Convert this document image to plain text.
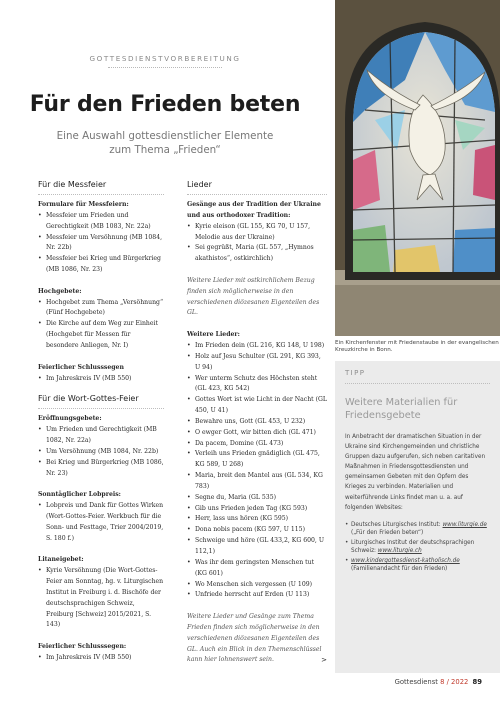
GOTTESDIENSTVORBEREITUNG
Für den Frieden beten
Eine Auswahl gottesdienstlicher Elemente
zum Thema „Frieden“
Für die Messfeier
Formulare für Messfeiern:
• Messfeier um Frieden und Gerechtigkeit (MB 1083, Nr. 22a)
• Messfeier um Versöhnung (MB 1084, Nr. 22b)
• Messfeier bei Krieg und Bürgerkrieg (MB 1086, Nr. 23)
Hochgebete:
• Hochgebet zum Thema „Versöhnung“ (Fünf Hochgebete)
• Die Kirche auf dem Weg zur Einheit (Hochgebet für Messen für besondere Anliegen, Nr. I)
Feierlicher Schlusssegen
• Im Jahreskreis IV (MB 550)
Für die Wort-Gottes-Feier
Eröffnungsgebete:
• Um Frieden und Gerechtigkeit (MB 1082, Nr. 22a)
• Um Versöhnung (MB 1084, Nr. 22b)
• Bei Krieg und Bürgerkrieg (MB 1086, Nr. 23)
Sonntäglicher Lobpreis:
• Lobpreis und Dank für Gottes Wirken (Wort-Gottes-Feier. Werkbuch für die Sonn- und Festtage, Trier 2004/2019, S. 180 f.)
Litaneigebet:
• Kyrie Versöhnung (Die Wort-Gottes-Feier am Sonntag, hg. v. Liturgischen Institut in Freiburg i. d. Bischöfe der deutschsprachigen Schweiz, Freiburg [Schweiz] 2015/2021, S. 143)
Feierlicher Schlusssegen:
• Im Jahreskreis IV (MB 550)
Lieder
Gesänge aus der Tradition der Ukraine und aus orthodoxer Tradition:
• Kyrie eleison (GL 155, KG 70, U 157, Melodie aus der Ukraine)
• Sei gegrüßt, Maria (GL 557, „Hymnos akathistos“, ostkirchlich)
Weitere Lieder mit ostkirchlichem Bezug finden sich möglicherweise in den verschiedenen diözesanen Eigenteilen des GL.
Weitere Lieder:
• Im Frieden dein (GL 216, KG 148, U 198)
• Holz auf Jesu Schulter (GL 291, KG 393, U 94)
• Wer unterm Schutz des Höchsten steht (GL 423, KG 542)
• Gottes Wort ist wie Licht in der Nacht (GL 450, U 41)
• Bewahre uns, Gott (GL 453, U 232)
• O ewger Gott, wir bitten dich (GL 471)
• Da pacem, Domine (GL 473)
• Verleih uns Frieden gnädiglich (GL 475, KG 589, U 268)
• Maria, breit den Mantel aus (GL 534, KG 783)
• Segne du, Maria (GL 535)
• Gib uns Frieden jeden Tag (KG 593)
• Herr, lass uns hören (KG 595)
• Dona nobis pacem (KG 597, U 115)
• Schweige und höre (GL 433,2, KG 600, U 112,1)
• Was ihr dem geringsten Menschen tut (KG 601)
• Wo Menschen sich vergessen (U 109)
• Unfriede herrscht auf Erden (U 113)
Weitere Lieder und Gesänge zum Thema Frieden finden sich möglicherweise in den verschiedenen diözesanen Eigenteilen des GL. Auch ein Blick in den Themenschlüssel kann hier lohnenswert sein.	>
Ein Kirchenfenster mit Friedenstaube in der evangelischen Kreuzkirche in Bonn.
TIPP
Weitere Materialien für Friedensgebete
In Anbetracht der dramatischen Situation in der Ukraine sind Kirchengemeinden und christliche Gruppen dazu aufgerufen, sich neben caritativen Maßnahmen in Friedensgottesdiensten und gemeinsamen Gebeten mit den Opfern des Krieges zu verbinden. Materialien und weiterführende Links findet man u. a. auf folgenden Websites:
• Deutsches Liturgisches Institut: www.liturgie.de („Für den Frieden beten“)
• Liturgisches Institut der deutschsprachigen Schweiz: www.liturgie.ch
• www.kindergottesdienst-katholisch.de (Familienandacht für den Frieden)
Gottesdienst 8 / 2022 89
